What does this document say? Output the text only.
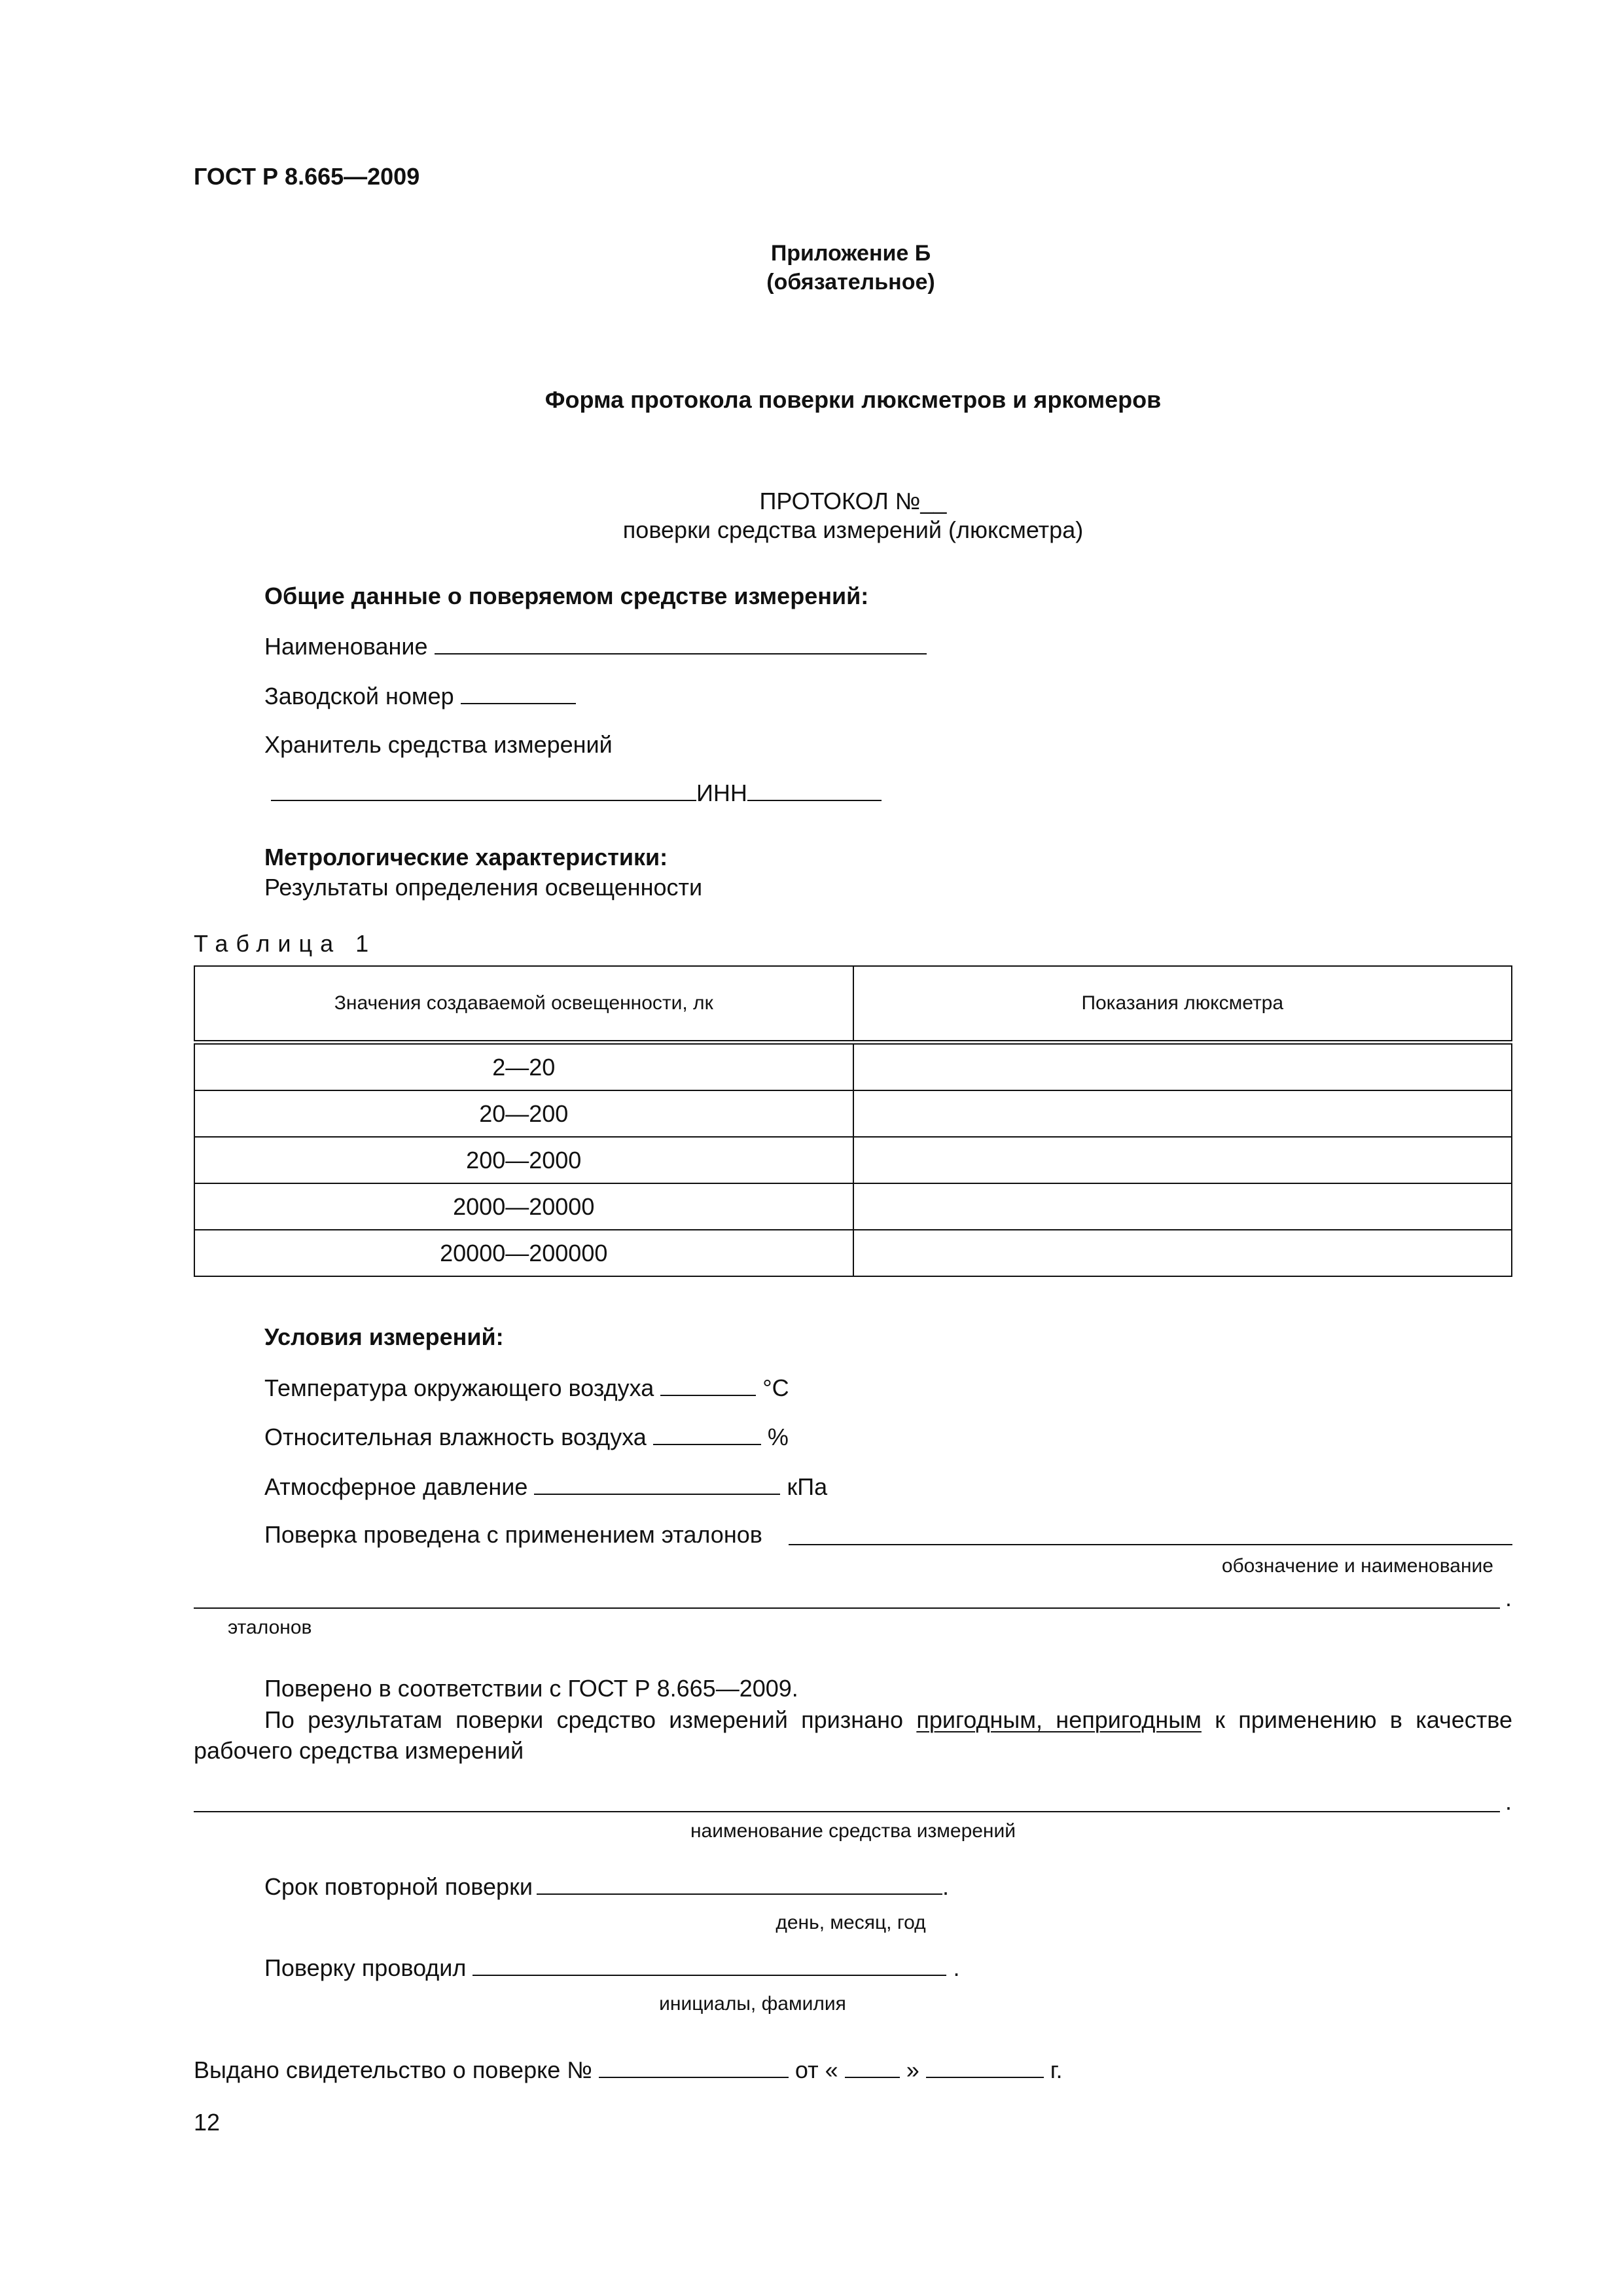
ГОСТ Р 8.665—2009
Приложение Б
(обязательное)
Форма протокола поверки люксметров и яркомеров
ПРОТОКОЛ №__
поверки средства измерений (люксметра)
Общие данные о поверяемом средстве измерений:
Наименование
Заводской номер
Хранитель средства измерений
ИНН
Метрологические характеристики:
Результаты определения освещенности
Таблица 1
Значения создаваемой освещенности, лк	Показания люксметра
2—20	
20—200	
200—2000	
2000—20000	
20000—200000	
Условия измерений:
Температура окружающего воздуха	°С
Относительная влажность воздуха	%
Атмосферное давление	кПа
Поверка проведена с применением эталонов
обозначение и наименование
.
эталонов
Поверено в соответствии с ГОСТ Р 8.665—2009.
По результатам поверки средство измерений признано пригодным, непригодным к применению в качестве
рабочего средства измерений
.
наименование средства измерений
Срок повторной поверки	.
день, месяц, год
Поверку проводил	.
инициалы, фамилия
Выдано свидетельство о поверке №	от «	»	г.
12
